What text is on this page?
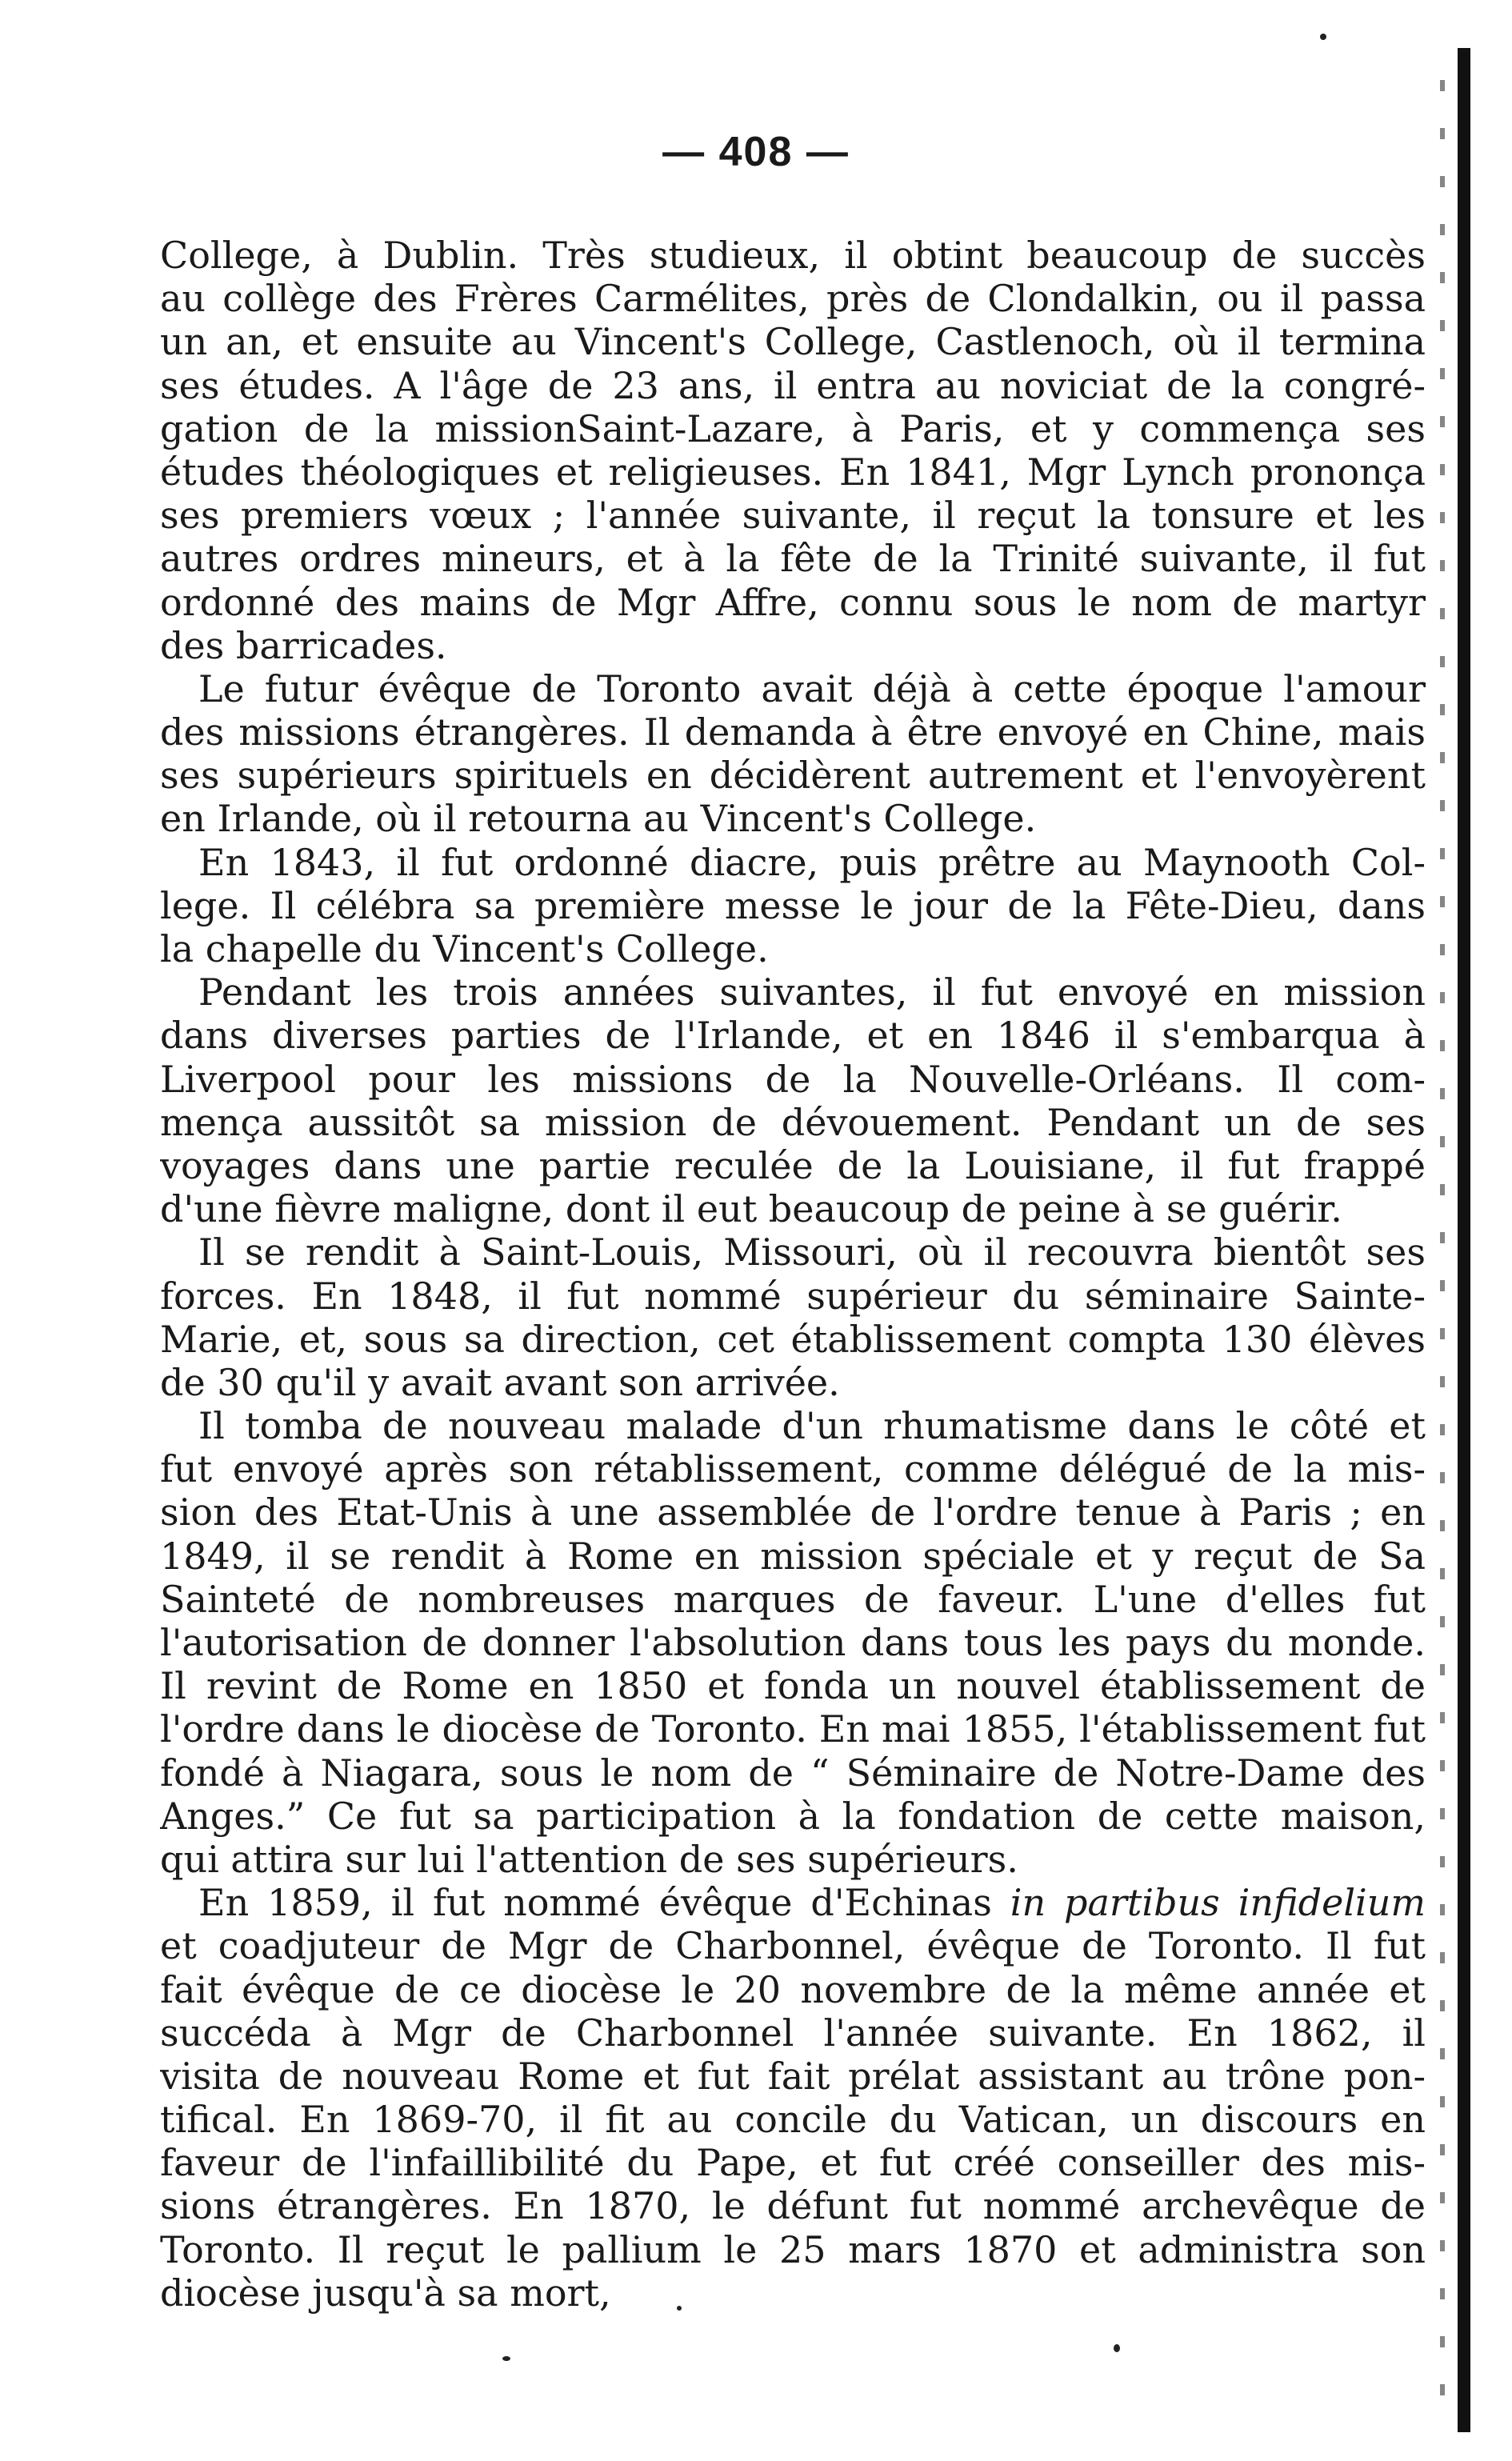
— 408 —
College, à Dublin. Très studieux, il obtint beaucoup de succès
au collège des Frères Carmélites, près de Clondalkin, ou il passa
un an, et ensuite au Vincent's College, Castlenoch, où il termina
ses études. A l'âge de 23 ans, il entra au noviciat de la congré-
gation de la missionSaint-Lazare, à Paris, et y commença ses
études théologiques et religieuses. En 1841, Mgr Lynch prononça
ses premiers vœux ; l'année suivante, il reçut la tonsure et les
autres ordres mineurs, et à la fête de la Trinité suivante, il fut
ordonné des mains de Mgr Affre, connu sous le nom de martyr
des barricades.
Le futur évêque de Toronto avait déjà à cette époque l'amour
des missions étrangères. Il demanda à être envoyé en Chine, mais
ses supérieurs spirituels en décidèrent autrement et l'envoyèrent
en Irlande, où il retourna au Vincent's College.
En 1843, il fut ordonné diacre, puis prêtre au Maynooth Col-
lege. Il célébra sa première messe le jour de la Fête-Dieu, dans
la chapelle du Vincent's College.
Pendant les trois années suivantes, il fut envoyé en mission
dans diverses parties de l'Irlande, et en 1846 il s'embarqua à
Liverpool pour les missions de la Nouvelle-Orléans. Il com-
mença aussitôt sa mission de dévouement. Pendant un de ses
voyages dans une partie reculée de la Louisiane, il fut frappé
d'une fièvre maligne, dont il eut beaucoup de peine à se guérir.
Il se rendit à Saint-Louis, Missouri, où il recouvra bientôt ses
forces. En 1848, il fut nommé supérieur du séminaire Sainte-
Marie, et, sous sa direction, cet établissement compta 130 élèves
de 30 qu'il y avait avant son arrivée.
Il tomba de nouveau malade d'un rhumatisme dans le côté et
fut envoyé après son rétablissement, comme délégué de la mis-
sion des Etat-Unis à une assemblée de l'ordre tenue à Paris ; en
1849, il se rendit à Rome en mission spéciale et y reçut de Sa
Sainteté de nombreuses marques de faveur. L'une d'elles fut
l'autorisation de donner l'absolution dans tous les pays du monde.
Il revint de Rome en 1850 et fonda un nouvel établissement de
l'ordre dans le diocèse de Toronto. En mai 1855, l'établissement fut
fondé à Niagara, sous le nom de “ Séminaire de Notre-Dame des
Anges.” Ce fut sa participation à la fondation de cette maison,
qui attira sur lui l'attention de ses supérieurs.
En 1859, il fut nommé évêque d'Echinas in partibus infidelium
et coadjuteur de Mgr de Charbonnel, évêque de Toronto. Il fut
fait évêque de ce diocèse le 20 novembre de la même année et
succéda à Mgr de Charbonnel l'année suivante. En 1862, il
visita de nouveau Rome et fut fait prélat assistant au trône pon-
tifical. En 1869-70, il fit au concile du Vatican, un discours en
faveur de l'infaillibilité du Pape, et fut créé conseiller des mis-
sions étrangères. En 1870, le défunt fut nommé archevêque de
Toronto. Il reçut le pallium le 25 mars 1870 et administra son
diocèse jusqu'à sa mort,
